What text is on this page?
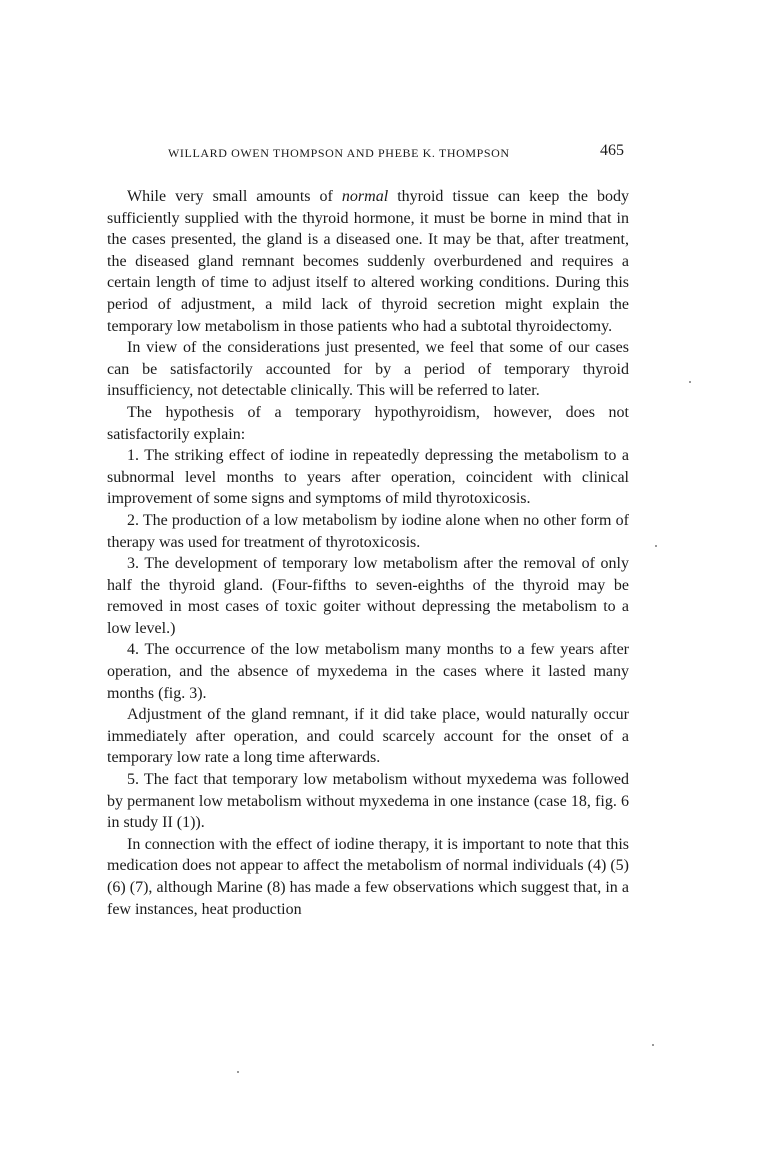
WILLARD OWEN THOMPSON AND PHEBE K. THOMPSON	465

While very small amounts of normal thyroid tissue can keep the body sufficiently supplied with the thyroid hormone, it must be borne in mind that in the cases presented, the gland is a diseased one. It may be that, after treatment, the diseased gland remnant becomes suddenly overburdened and requires a certain length of time to adjust itself to altered working conditions. During this period of adjustment, a mild lack of thyroid secretion might explain the temporary low metabolism in those patients who had a subtotal thyroidectomy.

In view of the considerations just presented, we feel that some of our cases can be satisfactorily accounted for by a period of temporary thyroid insufficiency, not detectable clinically. This will be referred to later.

The hypothesis of a temporary hypothyroidism, however, does not satisfactorily explain:

1. The striking effect of iodine in repeatedly depressing the metabolism to a subnormal level months to years after operation, coincident with clinical improvement of some signs and symptoms of mild thyrotoxicosis.

2. The production of a low metabolism by iodine alone when no other form of therapy was used for treatment of thyrotoxicosis.

3. The development of temporary low metabolism after the removal of only half the thyroid gland. (Four-fifths to seven-eighths of the thyroid may be removed in most cases of toxic goiter without depressing the metabolism to a low level.)

4. The occurrence of the low metabolism many months to a few years after operation, and the absence of myxedema in the cases where it lasted many months (fig. 3).

Adjustment of the gland remnant, if it did take place, would naturally occur immediately after operation, and could scarcely account for the onset of a temporary low rate a long time afterwards.

5. The fact that temporary low metabolism without myxedema was followed by permanent low metabolism without myxedema in one instance (case 18, fig. 6 in study II (1)).

In connection with the effect of iodine therapy, it is important to note that this medication does not appear to affect the metabolism of normal individuals (4) (5) (6) (7), although Marine (8) has made a few observations which suggest that, in a few instances, heat production
